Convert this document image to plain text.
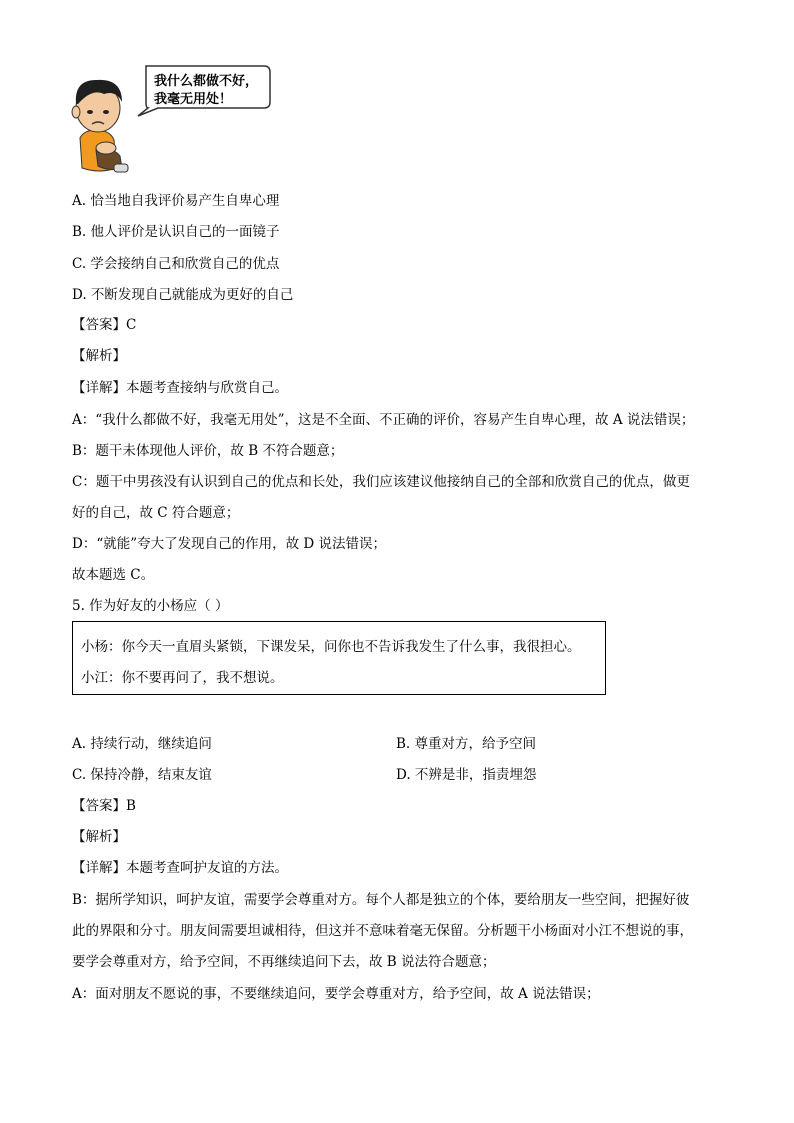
我什么都做不好，
我毫无用处！
A. 恰当地自我评价易产生自卑心理
B. 他人评价是认识自己的一面镜子
C. 学会接纳自己和欣赏自己的优点
D. 不断发现自己就能成为更好的自己
【答案】C
【解析】
【详解】本题考查接纳与欣赏自己。
A：“我什么都做不好，我毫无用处”，这是不全面、不正确的评价，容易产生自卑心理，故 A 说法错误；
B：题干未体现他人评价，故 B 不符合题意；
C：题干中男孩没有认识到自己的优点和长处，我们应该建议他接纳自己的全部和欣赏自己的优点，做更
好的自己，故 C 符合题意；
D：“就能”夸大了发现自己的作用，故 D 说法错误；
故本题选 C。
5. 作为好友的小杨应（ ）
小杨：你今天一直眉头紧锁，下课发呆，问你也不告诉我发生了什么事，我很担心。
小江：你不要再问了，我不想说。
A. 持续行动，继续追问	B. 尊重对方，给予空间
C. 保持冷静，结束友谊	D. 不辨是非，指责埋怨
【答案】B
【解析】
【详解】本题考查呵护友谊的方法。
B：据所学知识，呵护友谊，需要学会尊重对方。每个人都是独立的个体，要给朋友一些空间，把握好彼
此的界限和分寸。朋友间需要坦诚相待，但这并不意味着毫无保留。分析题干小杨面对小江不想说的事，
要学会尊重对方，给予空间，不再继续追问下去，故 B 说法符合题意；
A：面对朋友不愿说的事，不要继续追问，要学会尊重对方，给予空间，故 A 说法错误；
